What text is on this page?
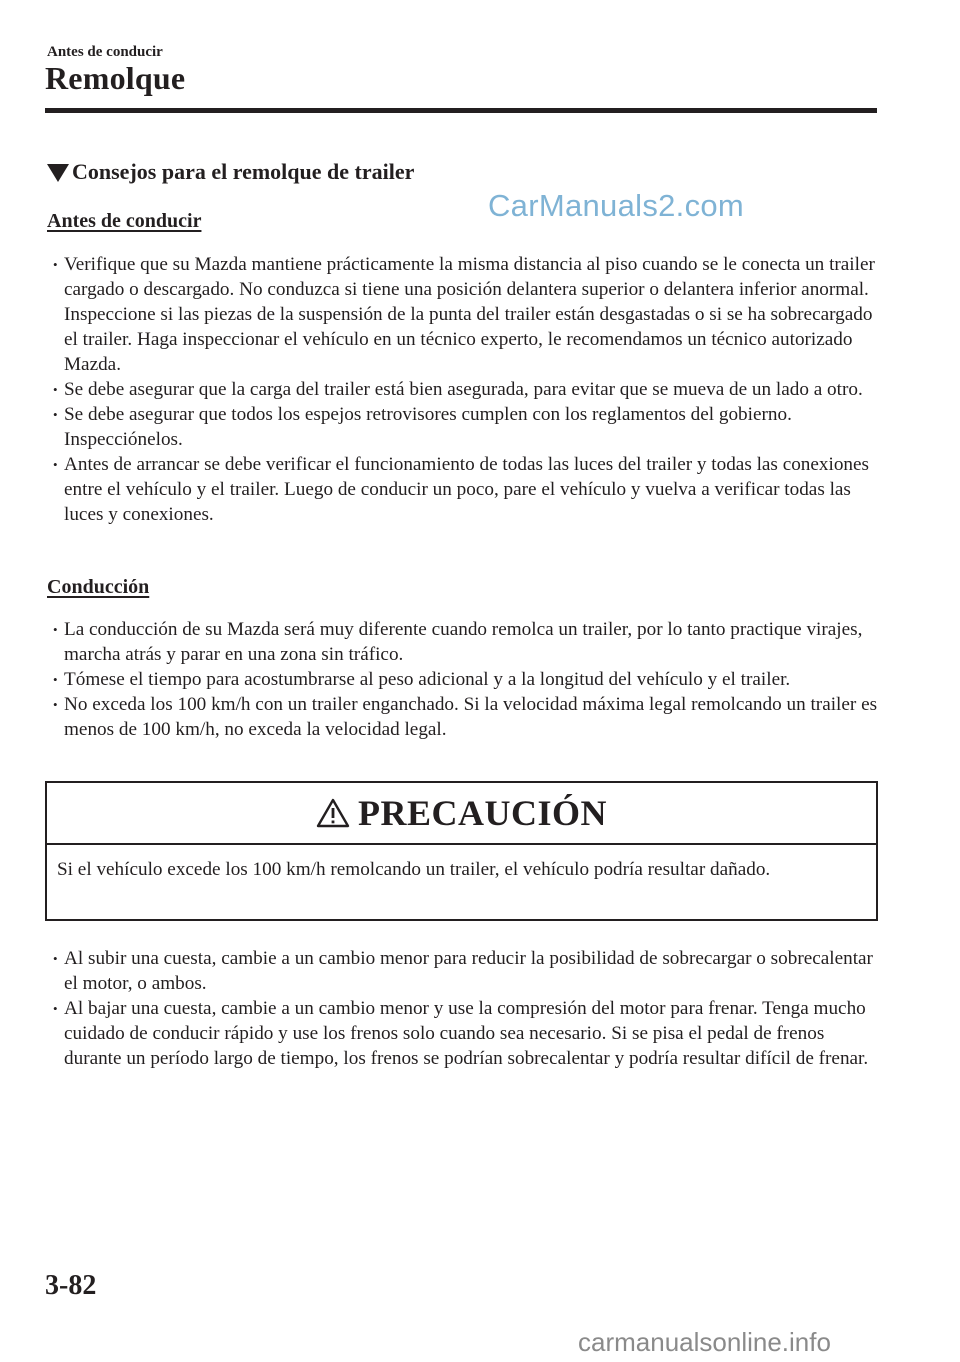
Antes de conducir
Remolque
Consejos para el remolque de trailer
CarManuals2.com
Antes de conducir
• Verifique que su Mazda mantiene prácticamente la misma distancia al piso cuando se le conecta un trailer cargado o descargado. No conduzca si tiene una posición delantera superior o delantera inferior anormal. Inspeccione si las piezas de la suspensión de la punta del trailer están desgastadas o si se ha sobrecargado el trailer. Haga inspeccionar el vehículo en un técnico experto, le recomendamos un técnico autorizado Mazda.
• Se debe asegurar que la carga del trailer está bien asegurada, para evitar que se mueva de un lado a otro.
• Se debe asegurar que todos los espejos retrovisores cumplen con los reglamentos del gobierno. Inspecciónelos.
• Antes de arrancar se debe verificar el funcionamiento de todas las luces del trailer y todas las conexiones entre el vehículo y el trailer. Luego de conducir un poco, pare el vehículo y vuelva a verificar todas las luces y conexiones.
Conducción
• La conducción de su Mazda será muy diferente cuando remolca un trailer, por lo tanto practique virajes, marcha atrás y parar en una zona sin tráfico.
• Tómese el tiempo para acostumbrarse al peso adicional y a la longitud del vehículo y el trailer.
• No exceda los 100 km/h con un trailer enganchado. Si la velocidad máxima legal remolcando un trailer es menos de 100 km/h, no exceda la velocidad legal.
PRECAUCIÓN
Si el vehículo excede los 100 km/h remolcando un trailer, el vehículo podría resultar dañado.
• Al subir una cuesta, cambie a un cambio menor para reducir la posibilidad de sobrecargar o sobrecalentar el motor, o ambos.
• Al bajar una cuesta, cambie a un cambio menor y use la compresión del motor para frenar. Tenga mucho cuidado de conducir rápido y use los frenos solo cuando sea necesario. Si se pisa el pedal de frenos durante un período largo de tiempo, los frenos se podrían sobrecalentar y podría resultar difícil de frenar.
3-82
carmanualsonline.info
